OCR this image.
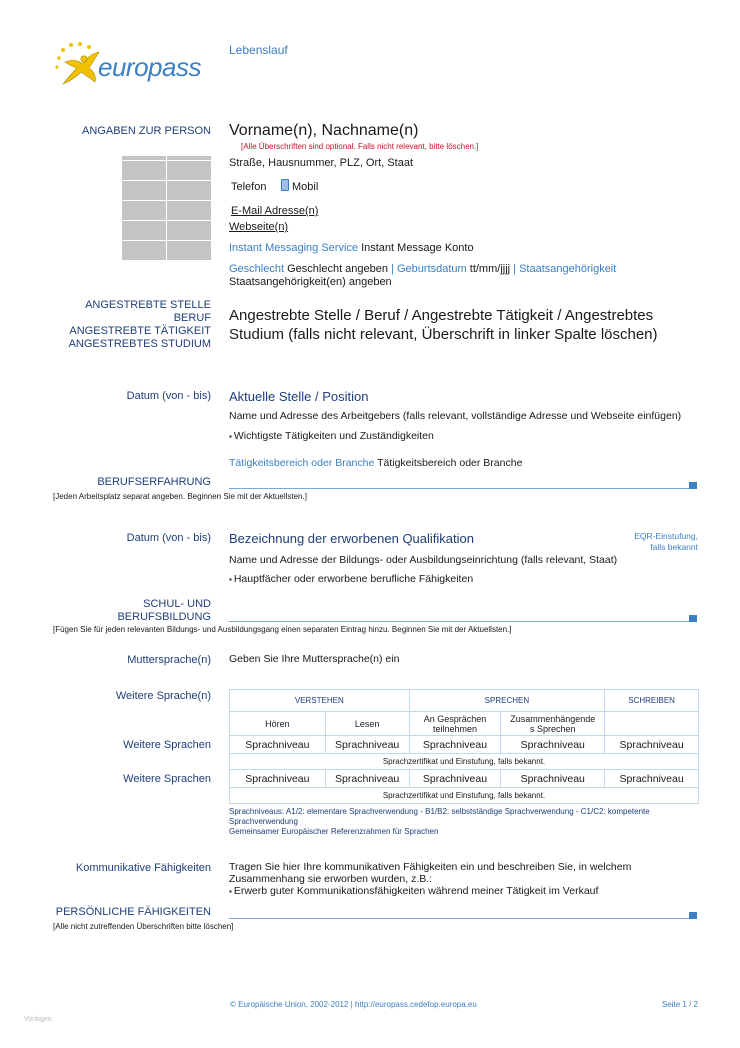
europass
Lebenslauf
ANGABEN ZUR PERSON Vorname(n), Nachname(n)
[Alle Überschriften sind optional. Falls nicht relevant, bitte löschen.]
Straße, Hausnummer, PLZ, Ort, Staat
Telefon Mobil
E-Mail Adresse(n)
Webseite(n)
Instant Messaging Service Instant Message Konto
Geschlecht Geschlecht angeben | Geburtsdatum tt/mm/jjjj | Staatsangehörigkeit
Staatsangehörigkeit(en) angeben
ANGESTREBTE STELLE
BERUF
ANGESTREBTE TÄTIGKEIT
ANGESTREBTES STUDIUM
Angestrebte Stelle / Beruf / Angestrebte Tätigkeit / Angestrebtes
Studium (falls nicht relevant, Überschrift in linker Spalte löschen)
Datum (von - bis) Aktuelle Stelle / Position
Name und Adresse des Arbeitgebers (falls relevant, vollständige Adresse und Webseite einfügen)
▪ Wichtigste Tätigkeiten und Zuständigkeiten
Tätigkeitsbereich oder Branche Tätigkeitsbereich oder Branche
BERUFSERFAHRUNG
[Jeden Arbeitsplatz separat angeben. Beginnen Sie mit der Aktuellsten.]
Datum (von - bis) Bezeichnung der erworbenen Qualifikation	EQR-Einstufung,
falls bekannt
Name und Adresse der Bildungs- oder Ausbildungseinrichtung (falls relevant, Staat)
▪ Hauptfächer oder erworbene berufliche Fähigkeiten
SCHUL- UND
BERUFSBILDUNG
[Fügen Sie für jeden relevanten Bildungs- und Ausbildungsgang einen separaten Eintrag hinzu. Beginnen Sie mit der Aktuellsten.]
Muttersprache(n) Geben Sie Ihre Muttersprache(n) ein
Weitere Sprache(n)	VERSTEHEN	SPRECHEN	SCHREIBEN
Hören	Lesen	An Gesprächen
teilnehmen

Zusammenhängende
s Sprechen

Sprachniveau	Sprachniveau	Sprachniveau	Sprachniveau	Sprachniveau
Sprachzertifikat und Einstufung, falls bekannt.
Sprachniveau	Sprachniveau	Sprachniveau	Sprachniveau	Sprachniveau
Sprachzertifikat und Einstufung, falls bekannt.
Weitere Sprachen
Weitere Sprachen
Sprachniveaus: A1/2: elementare Sprachverwendung - B1/B2: selbstständige Sprachverwendung - C1/C2: kompetente
Sprachverwendung
Gemeinsamer Europäischer Referenzrahmen für Sprachen
Kommunikative Fähigkeiten Tragen Sie hier Ihre kommunikativen Fähigkeiten ein und beschreiben Sie, in welchem
Zusammenhang sie erworben wurden, z.B.:
▪ Erwerb guter Kommunikationsfähigkeiten während meiner Tätigkeit im Verkauf
PERSÖNLICHE FÄHIGKEITEN
[Alle nicht zutreffenden Überschriften bitte löschen]
© Europäische Union, 2002-2012 | http://europass.cedefop.europa.eu	Seite 1 / 2
Vorlagen
